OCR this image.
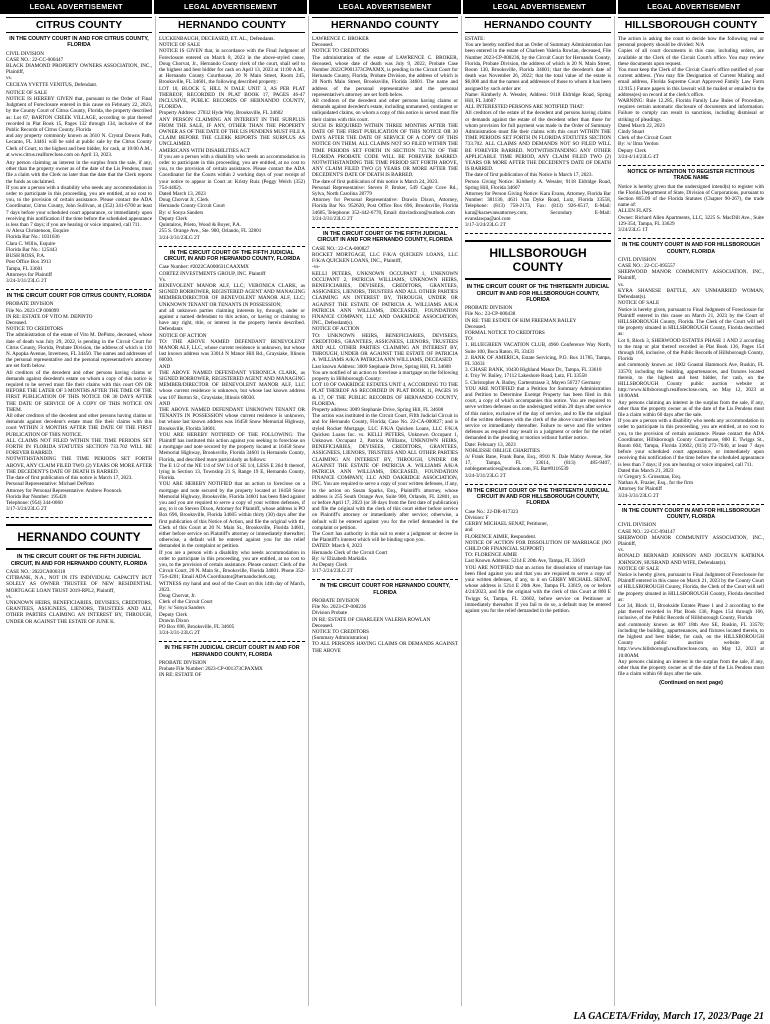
LEGAL ADVERTISEMENT	LEGAL ADVERTISEMENT	LEGAL ADVERTISEMENT	LEGAL ADVERTISEMENT	LEGAL ADVERTISEMENT
CITRUS COUNTY
IN THE COUNTY COURT IN AND FOR CITRUS COUNTY, FLORIDA
CIVIL DIVISION
CASE NO.: 22-CC-000447
BLACK DIAMOND PROPERTY OWNERS ASSOCIATION, INC., Plaintiff,
vs.
CECILYA YVETTE VENITUS, Defendant.
NOTICE OF SALE
NOTICE IS HEREBY GIVEN that, pursuant to the Order of Final Judgment of Foreclosure entered in this cause on February 22, 2023, by the County Court of Citrus County, Florida, the property described as: Lot 67, BARTON CREEK VILLAGE, according to plat thereof recorded in Plat Book 15, Pages 132 through 134, inclusive of the Public Records of Citrus County, Florida
and any property commonly known as 3610 N. Crystal Downs Path, Lecanto, FL 34461 will be sold at public sale by the Citrus County Clerk of Court, to the highest and best bidder, for cash, at 10:00 A.M., at www.citrus.realforeclose.com on April 13, 2023.
Any person claiming an interest in the surplus from the sale, if any, other than the property owner as of the date of the Lis Pendens, must file a claim with the Clerk no later than the date that the Clerk reports the funds as unclaimed.
If you are a person with a disability who needs any accommodation in order to participate in this proceeding, you are entitled, at no cost to you, to the provision of certain assistance. Please contact the ADA Coordinator, Citrus County, John Sullivan, at (352) 341-6700 at least 7 days before your scheduled court appearance, or immediately upon receiving this notification if the time before the scheduled appearance is less than 7 days; if you are hearing or voice impaired, call 711.
/s/ Alexa Christenson, Esquire
Florida Bar No.: 1031636
Clara C. Willis, Esquire
Florida Bar No.: 125443
BUSH ROSS, P.A.
Post Office Box 3913
Tampa, FL 33601
Attorneys for Plaintiff
3/24-3/31/23LG 2T
IN THE CIRCUIT COURT FOR CITRUS COUNTY, FLORIDA
PROBATE DIVISION
File No. 2023 CP 000099
IN RE: ESTATE OF VITO M. DEPINTO
Deceased.
NOTICE TO CREDITORS
The administration of the estate of Vito M. DePinto, deceased, whose date of death was July 29, 2022, is pending in the Circuit Court for Citrus County, Florida, Probate Division, the address of which is 110 N. Apopka Avenue, Inverness, FL 34450. The names and addresses of the personal representative and the personal representative's attorney are set forth below.
All creditors of the decedent and other persons having claims or demands against decedent's estate on whom a copy of this notice is required to be served must file their claims with this court ON OR BEFORE THE LATER OF 3 MONTHS AFTER THE TIME OF THE FIRST PUBLICATION OF THIS NOTICE OR 30 DAYS AFTER THE DATE OF SERVICE OF A COPY OF THIS NOTICE ON THEM.
All other creditors of the decedent and other persons having claims or demands against decedent's estate must file their claims with this court WITHIN 3 MONTHS AFTER THE DATE OF THE FIRST PUBLICATION OF THIS NOTICE.
ALL CLAIMS NOT FILED WITHIN THE TIME PERIODS SET FORTH IN FLORIDA STATUTES SECTION 733.702 WILL BE FOREVER BARRED.
NOTWITHSTANDING THE TIME PERIODS SET FORTH ABOVE, ANY CLAIM FILED TWO (2) YEARS OR MORE AFTER THE DECEDENT'S DATE OF DEATH IS BARRED.
The date of first publication of this notice is March 17, 2023.
Personal Representative: Michael DePinto
Attorney for Personal Representative: Andrew Poonock
Florida Bar Number: 195420
Telephone: (954) 344-0060
3/17-3/24/23LG 2T
HERNANDO COUNTY
IN THE CIRCUIT COURT OF THE FIFTH JUDICIAL CIRCUIT, IN AND FOR HERNANDO COUNTY, FLORIDA
CASE NO.: 2022CA000318
CITIBANK, N.A., NOT IN ITS INDIVIDUAL CAPACITY BUT SOLELY AS OWNER TRUSTEE OF NEW RESIDENTIAL MORTGAGE LOAN TRUST 2019-RPL2, Plaintiff,
vs.
UNKNOWN HEIRS, BENEFICIARIES, DEVISEES, CREDITORS, GRANTEES, ASSIGNEES, LIENORS, TRUSTEES AND ALL OTHER PARTIES CLAIMING AN INTEREST BY, THROUGH, UNDER OR AGAINST THE ESTATE OF JUNE K.
HERNANDO COUNTY
LUCKENBAUGH, DECEASED, ET. AL., Defendants.
NOTICE OF SALE
NOTICE IS GIVEN that, in accordance with the Final Judgment of Foreclosure entered on March 8, 2023 in the above-styled cause, Doug Chorvat, Jr., Hernando County clerk of the court, shall sell to the highest and best bidder for cash on April 13, 2023 at 11:00 A.M., at Hernando County Courthouse, 20 N Main Street, Room 245, Brooksville, FL 34601, the following described property:
LOT 10, BLOCK 5, HILL N DALE UNIT 3, AS PER PLAT THEREOF, RECORDED IN PLAT BOOK 17, PAGES 46-47 INCLUSIVE, PUBLIC RECORDS OF HERNANDO COUNTY, FLORIDA.
Property Address: 27032 Hyde Way, Brooksville, FL 34602
ANY PERSON CLAIMING AN INTEREST IN THE SURPLUS FROM THE SALE, IF ANY, OTHER THAN THE PROPERTY OWNER AS OF THE DATE OF THE LIS PENDENS MUST FILE A CLAIM BEFORE THE CLERK REPORTS THE SURPLUS AS UNCLAIMED.
AMERICANS WITH DISABILITIES ACT
If you are a person with a disability who needs an accommodation in order to participate in this proceeding, you are entitled, at no cost to you, to the provision of certain assistance. Please contact the ADA Coordinator for the Courts within 2 working days of your receipt of your notice to appear in Court at: Kristy Ruiz (Peggy Welch (352) 754-4402).
Dated March 13, 2023
Doug Chorvat Jr., Clerk
Hernando County Circuit Court
By: s/ Sonya Sanders
Deputy Clerk
Quintairos, Prieto, Wood & Boyer, P.A.
255 S. Orange Ave., Ste. 900, Orlando, FL 32801
3/24-3/31/23LG 2T
IN THE CIRCUIT COURT OF THE FIFTH JUDICIAL CIRCUIT, IN AND FOR HERNANDO COUNTY, FLORIDA
Case Number: #2022CA000631CAAXMX
CORTEZ INVESTMENTS GROUP, INC. Plaintiff
Vs.
BENEVOLENT MANOR ALF, LLC; VERONICA CLARK, as SIGNED BORROWER, REGISTERED AGENT AND MANAGING MEMBER/DIRECTOR OF BENEVOLENT MANOR ALF, LLC; UNKNOWN TENANT OR TENANTS IN POSSESSION;
and all unknown parties claiming interests by, through, under or against a named defendant to this action, or having or claiming to have any right, title, or interest in the property herein described. Defendants
NOTICE OF ACTION
TO: THE ABOVE NAMED DEFENDANT BENEVOLENT MANOR ALF, LLC, whose current residence is unknown, but whose last known address was 33014 N Manor Hill Rd., Graysiake, Illinois 60030.
AND
THE ABOVE NAMED DEFENDANT VERONICA CLARK, as SIGNED BORROWER, REGISTERED AGENT AND MANAGING MEMBER/DIRECTOR OF BENEVOLENT MANOR ALF, LLC whose current residence is unknown, but whose last known address was 107 Burton St., Graysiake, Illinois 60030.
AND
THE ABOVE NAMED DEFENDANT UNKNOWN TENANT OR TENANTS IN POSSESSION whose current residence is unknown, but whose last known address was 16458 Snow Memorial Highway, Brooksville, Florida 34601.
YOU ARE HEREBY NOTIFIED OF THE FOLLOWING: The Plaintiff has instituted this action against you seeking to foreclose on a mortgage and note secured by the property located at 16458 Snow Memorial Highway, Brooksville, Florida 34601 in Hernando County, Florida, and described more particularly as follows:
The E 1/2 of the NE 1/4 of SW 1/4 of SE 1/4, LESS E 264 ft thereof, lying in Section 13, Township 21 S, Range 19 E, Hernando County, Florida.
YOU ARE HEREBY NOTIFIED that an action to foreclose on a mortgage and note secured by the property located at 16458 Snow Memorial Highway, Brooksville, Florida 34601 has been filed against you and you are required to serve a copy of your written defenses, if any, to it on Steven Dixon, Attorney for Plaintiff, whose address is PO Box 696, Brooksville, Florida 34605 within thirty (30) days after the first publication of this Notice of Action, and file the original with the Clerk of this Court at 20 N. Main St., Brooksville, Florida 34601, either before service on Plaintiff's attorney or immediately thereafter; otherwise, a default will be entered against you for the relief demanded in the complaint or petition.
If you are a person with a disability who needs accommodation in order to participate in this proceeding, you are entitled, at no cost to you, to the provision of certain assistance. Please contact: Clerk of the Circuit Court, 20 N. Main St., Brooksville, Florida 34601. Phone 352-754-4201; Email ADA Coordinator@hernandoclerk.org.
WITNESS my hand and seal of the Court on this 14th day of March, 2023.
Doug Chorvat, Jr.
Clerk of the Circuit Court
By: /s/ Sonya Sanders
Deputy Clerk
Drawin Dixon
PO Box 696, Brooksville, FL 34605
3/24-3/31-23LG 2T
IN THE FIFTH JUDICIAL CIRCUIT COURT IN AND FOR HERNANDO COUNTY, FLORIDA
PROBATE DIVISION
Probate File Number: 2023-CP-001373CPAXMX
IN RE: ESTATE OF
HERNANDO COUNTY
LAWRENCE C. BROKER
Deceased.
NOTICE TO CREDITORS
The administration of the estate of LAWRENCE C. BROKER, deceased, whose date of death was July 9, 2022, Probate Case Number 2022CP001373CPAXMX, is pending in the Circuit Court for Hernando County, Florida, Probate Division, the address of which is 20 North Main Street, Brooksville, Florida 34601. The name and address of the personal representative and the personal representative's attorney are set forth below.
All creditors of the decedent and other persons having claims or demands against decedent's estate, including unmatured, contingent or unliquidated claims, on whom a copy of this notice is served must file their claims with this court.
SUCH IS REQUIRED WITHIN THREE MONTHS AFTER THE DATE OF THE FIRST PUBLICATION OF THIS NOTICE OR 30 DAYS AFTER THE DATE OF SERVICE OF A COPY OF THIS NOTICE ON THEM. ALL CLAIMS NOT SO FILED WITHIN THE TIME PERIODS SET FORTH IN SECTION 733.702 OF THE FLORIDA PROBATE CODE WILL BE FOREVER BARRED. NOTWITHSTANDING THE TIME PERIOD SET FORTH ABOVE, ANY CLAIM FILED TWO (2) YEARS OR MORE AFTER THE DECEDENT'S DATE OF DEATH IS BARRED.
The date of first publication of this notice is March 24, 2023.
Personal Representative: Steven P. Broker, 549 Cagle Cove Rd., Sylva, North Carolina 28779
Attorney for Personal Representative: Drawin Dixon, Attorney, Florida Bar No. 952620, Post Office Box 696, Brooksville, Florida 34605, Telephone: 352-442-6770, Email: dravindixon@outlook.com
3/24-3/31/23LG 2T
IN THE CIRCUIT COURT OF THE FIFTH JUDICIAL CIRCUIT IN AND FOR HERNANDO COUNTY, FLORIDA
CASE NO.: 22-CA-000827
ROCKET MORTGAGE, LLC F/K/A QUICKEN LOANS, LLC F/K/A QUICKEN LOANS, INC., Plaintiff,
-vs-
KELLI PETERS, UNKNOWN OCCUPANT 1, UNKNOWN OCCUPANT 2, PATRICIA WILLIAMS, UNKNOWN HEIRS, BENEFICIARIES, DEVISEES, CREDITORS, GRANTEES, ASSIGNEES, LIENORS, TRUSTEES AND ALL OTHER PARTIES CLAIMING AN INTEREST BY, THROUGH, UNDER OR AGAINST THE ESTATE OF PATRICIA A. WILLIAMS A/K/A PATRICIA ANN WILLIAMS, DECEASED, FOUNDATION FINANCE COMPANY, LLC AND OAKRIDGE ASSOCIATION, INC., Defendant(s).
NOTICE OF ACTION
TO: UNKNOWN HEIRS, BENEFICIARIES, DEVISEES, CREDITORS, GRANTEES, ASSIGNEES, LIENORS, TRUSTEES AND ALL OTHER PARTIES CLAIMING AN INTEREST BY, THROUGH, UNDER OR AGAINST THE ESTATE OF PATRICIA A. WILLIAMS A/K/A PATRICIA ANN WILLIAMS, DECEASED
Last known Address: 3009 Stephanie Drive, Spring Hill, FL 34608
You are notified of an action to foreclose a mortgage on the following property in Hillsborough County:
LOT 10 OF OAKRIDGE ESTATES UNIT 4, ACCORDING TO THE PLAT THEREOF AS RECORDED IN PLAT BOOK 11, PAGES 16 & 17, OF THE PUBLIC RECORDS OF HERNANDO COUNTY, FLORIDA.
Property address: 3009 Stephanie Drive, Spring Hill, FL 34608
The action was instituted in the Circuit Court, Fifth Judicial Circuit in and for Hernando County, Florida; Case No. 22-CA-000827; and is styled Rocket Mortgage, LLC F/K/A Quicken Loans, LLC F/K/A Quicken Loans Inc. vs. KELLI PETERS, Unknown Occupant 1, Unknown Occupant 2, Patricia Williams, UNKNOWN HEIRS, BENEFICIARIES, DEVISEES, CREDITORS, GRANTEES, ASSIGNEES, LIENORS, TRUSTEES AND ALL OTHER PARTIES CLAIMING AN INTEREST BY, THROUGH, UNDER OR AGAINST THE ESTATE OF PATRICIA A. WILLIAMS A/K/A PATRICIA ANN WILLIAMS, DECEASED, FOUNDATION FINANCE COMPANY, LLC AND OAKRIDGE ASSOCIATION, INC. You are required to serve a copy of your written defenses, if any, to the action on Susan Sparks, Esq., Plaintiff's attorney, whose address is 255 South Orange Ave, Suite 900, Orlando, FL 32801, on or before April 17, 2023 (or 30 days from the first date of publication) and file the original with the clerk of this court either before service on Plaintiff's attorney or immediately after service; otherwise, a default will be entered against you for the relief demanded in the complaint or petition.
The Court has authority in this suit to enter a judgment or decree in the Plaintiff's interest which will be binding upon you.
DATED: March 6, 2023
Hernando Clerk of the Circuit Court
By: /s/ Elizabeth Markidis
As Deputy Clerk
3/17-3/24/23LG 2T
IN THE CIRCUIT COURT FOR HERNANDO COUNTY, FLORIDA
PROBATE DIVISION
File No. 2023-CP-000236
Division Probate
IN RE: ESTATE OF CHARLEEN VALERIA ROWLAN
Deceased.
NOTICE TO CREDITORS
(Summary Administration)
TO ALL PERSONS HAVING CLAIMS OR DEMANDS AGAINST THE ABOVE
HERNANDO COUNTY
ESTATE:
You are hereby notified that an Order of Summary Administration has been entered in the estate of Charleen Valeria Rowlan, deceased, File Number 2023-CP-000236, by the Circuit Court for Hernando County, Florida, Probate Division, the address of which is 20 N. Main Street, Room 130, Brooksville, Florida 34601; that the decedent's date of death was November 26, 2022; that the total value of the estate is $6,000 and that the names and addresses of those to whom it has been assigned by such order are:
Name: Kimberly A. Wessler, Address: 9118 Eldridge Road, Spring Hill, FL 34607
ALL INTERESTED PERSONS ARE NOTIFIED THAT:
All creditors of the estate of the decedent and persons having claims or demands against the estate of the decedent other than those for whom provision for full payment was made in the Order of Summary Administration must file their claims with this court WITHIN THE TIME PERIODS SET FORTH IN FLORIDA STATUTES SECTION 733.702. ALL CLAIMS AND DEMANDS NOT SO FILED WILL BE FOREVER BARRED. NOTWITHSTANDING ANY OTHER APPLICABLE TIME PERIOD, ANY CLAIM FILED TWO (2) YEARS OR MORE AFTER THE DECEDENT'S DATE OF DEATH IS BARRED.
The date of first publication of this Notice is March 17, 2023.
Person Giving Notice: Kimberly A. Wessler, 9118 Eldridge Road, Spring Hill, Florida 34607
Attorney for Person Giving Notice: Kara Evans, Attorney, Florida Bar Number: 381136, 4631 Van Dyke Road, Lutz, Florida 33558, Telephone: (813) 758-2173, Fax: (813) 926-6517, E-Mail: kara@karaevansattorney.com, Secondary E-Mail: evanslawpa@aol.com
3/17-3/24/23LG 2T
HILLSBOROUGH COUNTY
IN THE CIRCUIT COURT OF THE THIRTEENTH JUDICIAL CIRCUIT IN AND FOR HILLSBOROUGH COUNTY, FLORIDA
PROBATE DIVISION
File No.: 23-CP-000438
IN RE: THE ESTATE OF KIM FREEMAN BAILEY
Deceased.
FORMAL NOTICE TO CREDITORS
TO:
1. BLUEGREEN VACATION CLUB, 4960 Conference Way North, Suite 100, Boca Raton, FL 33431
2. BANK OF AMERICA, Estate Servicing, P.O. Box 31785, Tampa, FL 33631
3. CHASE BANK, 10430 Highland Manor Dr., Tampa, FL 33610
4. Troy W. Bailey, 17112 Lakeshore Road, Lutz, FL 33558
5. Christopher A. Bailey, Garterstrasse 3, Mayen 56727 Germany
YOU ARE NOTIFIED that a Petition for Summary Administration and Petition to Determine Exempt Property has been filed in this court, a copy of which accompanies this notice. You are required to serve written defenses on the undersigned within 20 days after service of this notice, exclusive of the day of service, and to file the original of the written defenses with the clerk of the above court either before service or immediately thereafter. Failure to serve and file written defenses as required may result in a judgment or order for the relief demanded in the pleading or motion without further notice.
Date: February 13, 2023
NOBLESSE OBLIGE CHARITIES
/s/ Frank Bane, Frank Bane, Esq., 8910 N. Dale Mabry Avenue, Ste 17, Tampa, FL 33614, (813) 485-9407, noblegatenotices@outlook.com, FL Bar#0116539
3/24-3/31/23LG 2T
IN THE CIRCUIT COURT OF THE THIRTEENTH JUDICIAL CIRCUIT IN AND FOR HILLSBOROUGH COUNTY, FLORIDA
Case No.: 22-DR-017323
Division: F
GERBY MICHAEL SENAT, Petitioner,
and
FLORENCE AIMIE, Respondent.
NOTICE OF ACTION FOR DISSOLUTION OF MARRIAGE (NO CHILD OR FINANCIAL SUPPORT)
TO: FLORENCE AIMIE
Last Known Address: 5214 E 20th Ave, Tampa, FL 33619
YOU ARE NOTIFIED that an action for dissolution of marriage has been filed against you and that you are required to serve a copy of your written defenses, if any, to it on GERBY MICHAEL SENAT, whose address is 5214 E 20th Ave, Tampa FL 33619, on or before 4/24/2023, and file the original with the clerk of this Court at 800 E Twiggs St, Tampa, FL 33602, before service on Petitioner or immediately thereafter. If you fail to do so, a default may be entered against you for the relief demanded in the petition.
HILLSBOROUGH COUNTY
The action is asking the court to decide how the following real or personal property should be divided: N/A
Copies of all court documents in this case, including orders, are available at the Clerk of the Circuit Court's office. You may review these documents upon request.
You must keep the Clerk of the Circuit Court's office notified of your current address. (You may file Designation of Current Mailing and email address, Florida Supreme Court Approved Family Law Form 12.915.) Future papers in this lawsuit will be mailed or emailed to the address(es) on record at the clerk's office.
WARNING: Rule 12.285, Florida Family Law Rules of Procedure, requires certain automatic disclosure of documents and information. Failure to comply can result in sanctions, including dismissal or striking of pleadings.
Dated March 22, 2023
Cindy Stuart
Clerk of the Circuit Court
By: /s/ Ilma Yerdon
Deputy Clerk
3/24-4/14/23LG 4T
NOTICE OF INTENTION TO REGISTER FICTITIOUS TRADE NAME
Notice is hereby given that the undersigned intend(s) to register with the Florida Department of State, Division of Corporations, pursuant to Section 865.09 of the Florida Statutes (Chapter 90-267), the trade name of:
ALLEN FLATS
Owner: Richard Allen Apartments, LLC, 3225 S. MacDill Ave., Suite 129-354, Tampa, FL 33629
3/24/23LG 1T
IN THE COUNTY COURT IN AND FOR HILLSBOROUGH COUNTY, FLORIDA
CIVIL DIVISION
CASE NO.: 22-CC-095557
SHERWOOD MANOR COMMUNITY ASSOCIATION, INC., Plaintiff,
vs.
KYRA SHANESE BATTLE, AN UNMARRIED WOMAN, Defendant(s).
NOTICE OF SALE
Notice is hereby given, pursuant to Final Judgment of Foreclosure for Plaintiff entered in this cause on March 21, 2023 by the Court of HILLSBOROUGH County, Florida. The Clerk of the Court will sell the property situated in HILLSBOROUGH County, Florida described as:
Lot 6, Block 3, SHERWOOD ESTATES PHASE 1 AND 2 according to the map or plat thereof recorded in Plat Book 136, Pages 154 through 166, inclusive, of the Public Records of Hillsborough County, Florida
and commonly known as: 1002 Goastal Hammock Ave, Ruskin, FL 33570; including the building, appurtenances, and fixtures located therein, to the highest and best bidder, for cash, on the HILLSBOROUGH County public auction website at http://www.hillsborough.realforeclose.com, on May 12, 2023 at 10:00AM.
Any persons claiming an interest in the surplus from the sale, if any, other than the property owner as of the date of the Lis Pendens must file a claim within 60 days after the sale.
If you are a person with a disability who needs any accommodation in order to participate in this proceeding, you are entitled, at no cost to you, to the provision of certain assistance. Please contact the ADA Coordinator, Hillsborough County Courthouse, 800 E. Twiggs St., Room 604, Tampa, Florida 33602, (813) 272-7040, at least 7 days before your scheduled court appearance, or immediately upon receiving this notification if the time before the scheduled appearance is less than 7 days; if you are hearing or voice impaired, call 711.
Dated this March 21, 2023
/s/ Gregory S. Grossman, Esq.
Nathan A. Frazier, Esq., for the firm
Attorney for Plaintiff
3/24-3/31/23LG 2T
IN THE COUNTY COURT IN AND FOR HILLSBOROUGH COUNTY, FLORIDA
CIVIL DIVISION
CASE NO.: 22-CC-094147
SHERWOOD MANOR COMMUNITY ASSOCIATION, INC., Plaintiff,
vs.
RONALD BERNARD JOHNSON AND JOCELYN KATRINA JOHNSON, HUSBAND AND WIFE, Defendant(s).
NOTICE OF SALE
Notice is hereby given, pursuant to Final Judgment of Foreclosure for Plaintiff entered in this cause on March 21, 2023 by the County Court of HILLSBOROUGH County, Florida, the Clerk of the Court will sell the property situated in HILLSBOROUGH County, Florida described as:
Lot 34, Block 11, Brookside Estates Phase 1 and 2 according to the plat thereof recorded in Plat Book 136, Pages 154 through 166, inclusive, of the Public Records of Hillsborough County, Florida
and commonly known as 807 18th Ave SE, Ruskin, FL 33570; including the building, appurtenances, and fixtures located therein, to the highest and best bidder, for cash, on the HILLSBOROUGH County public auction website at http://www.hillsborough.realforeclose.com, on May 12, 2023 at 10:00AM.
Any persons claiming an interest in the surplus from the sale, if any, other than the property owner as of the date of the Lis Pendens must file a claim within 60 days after the sale.
(Continued on next page)
LA GACETA/Friday, March 17, 2023/Page 21
